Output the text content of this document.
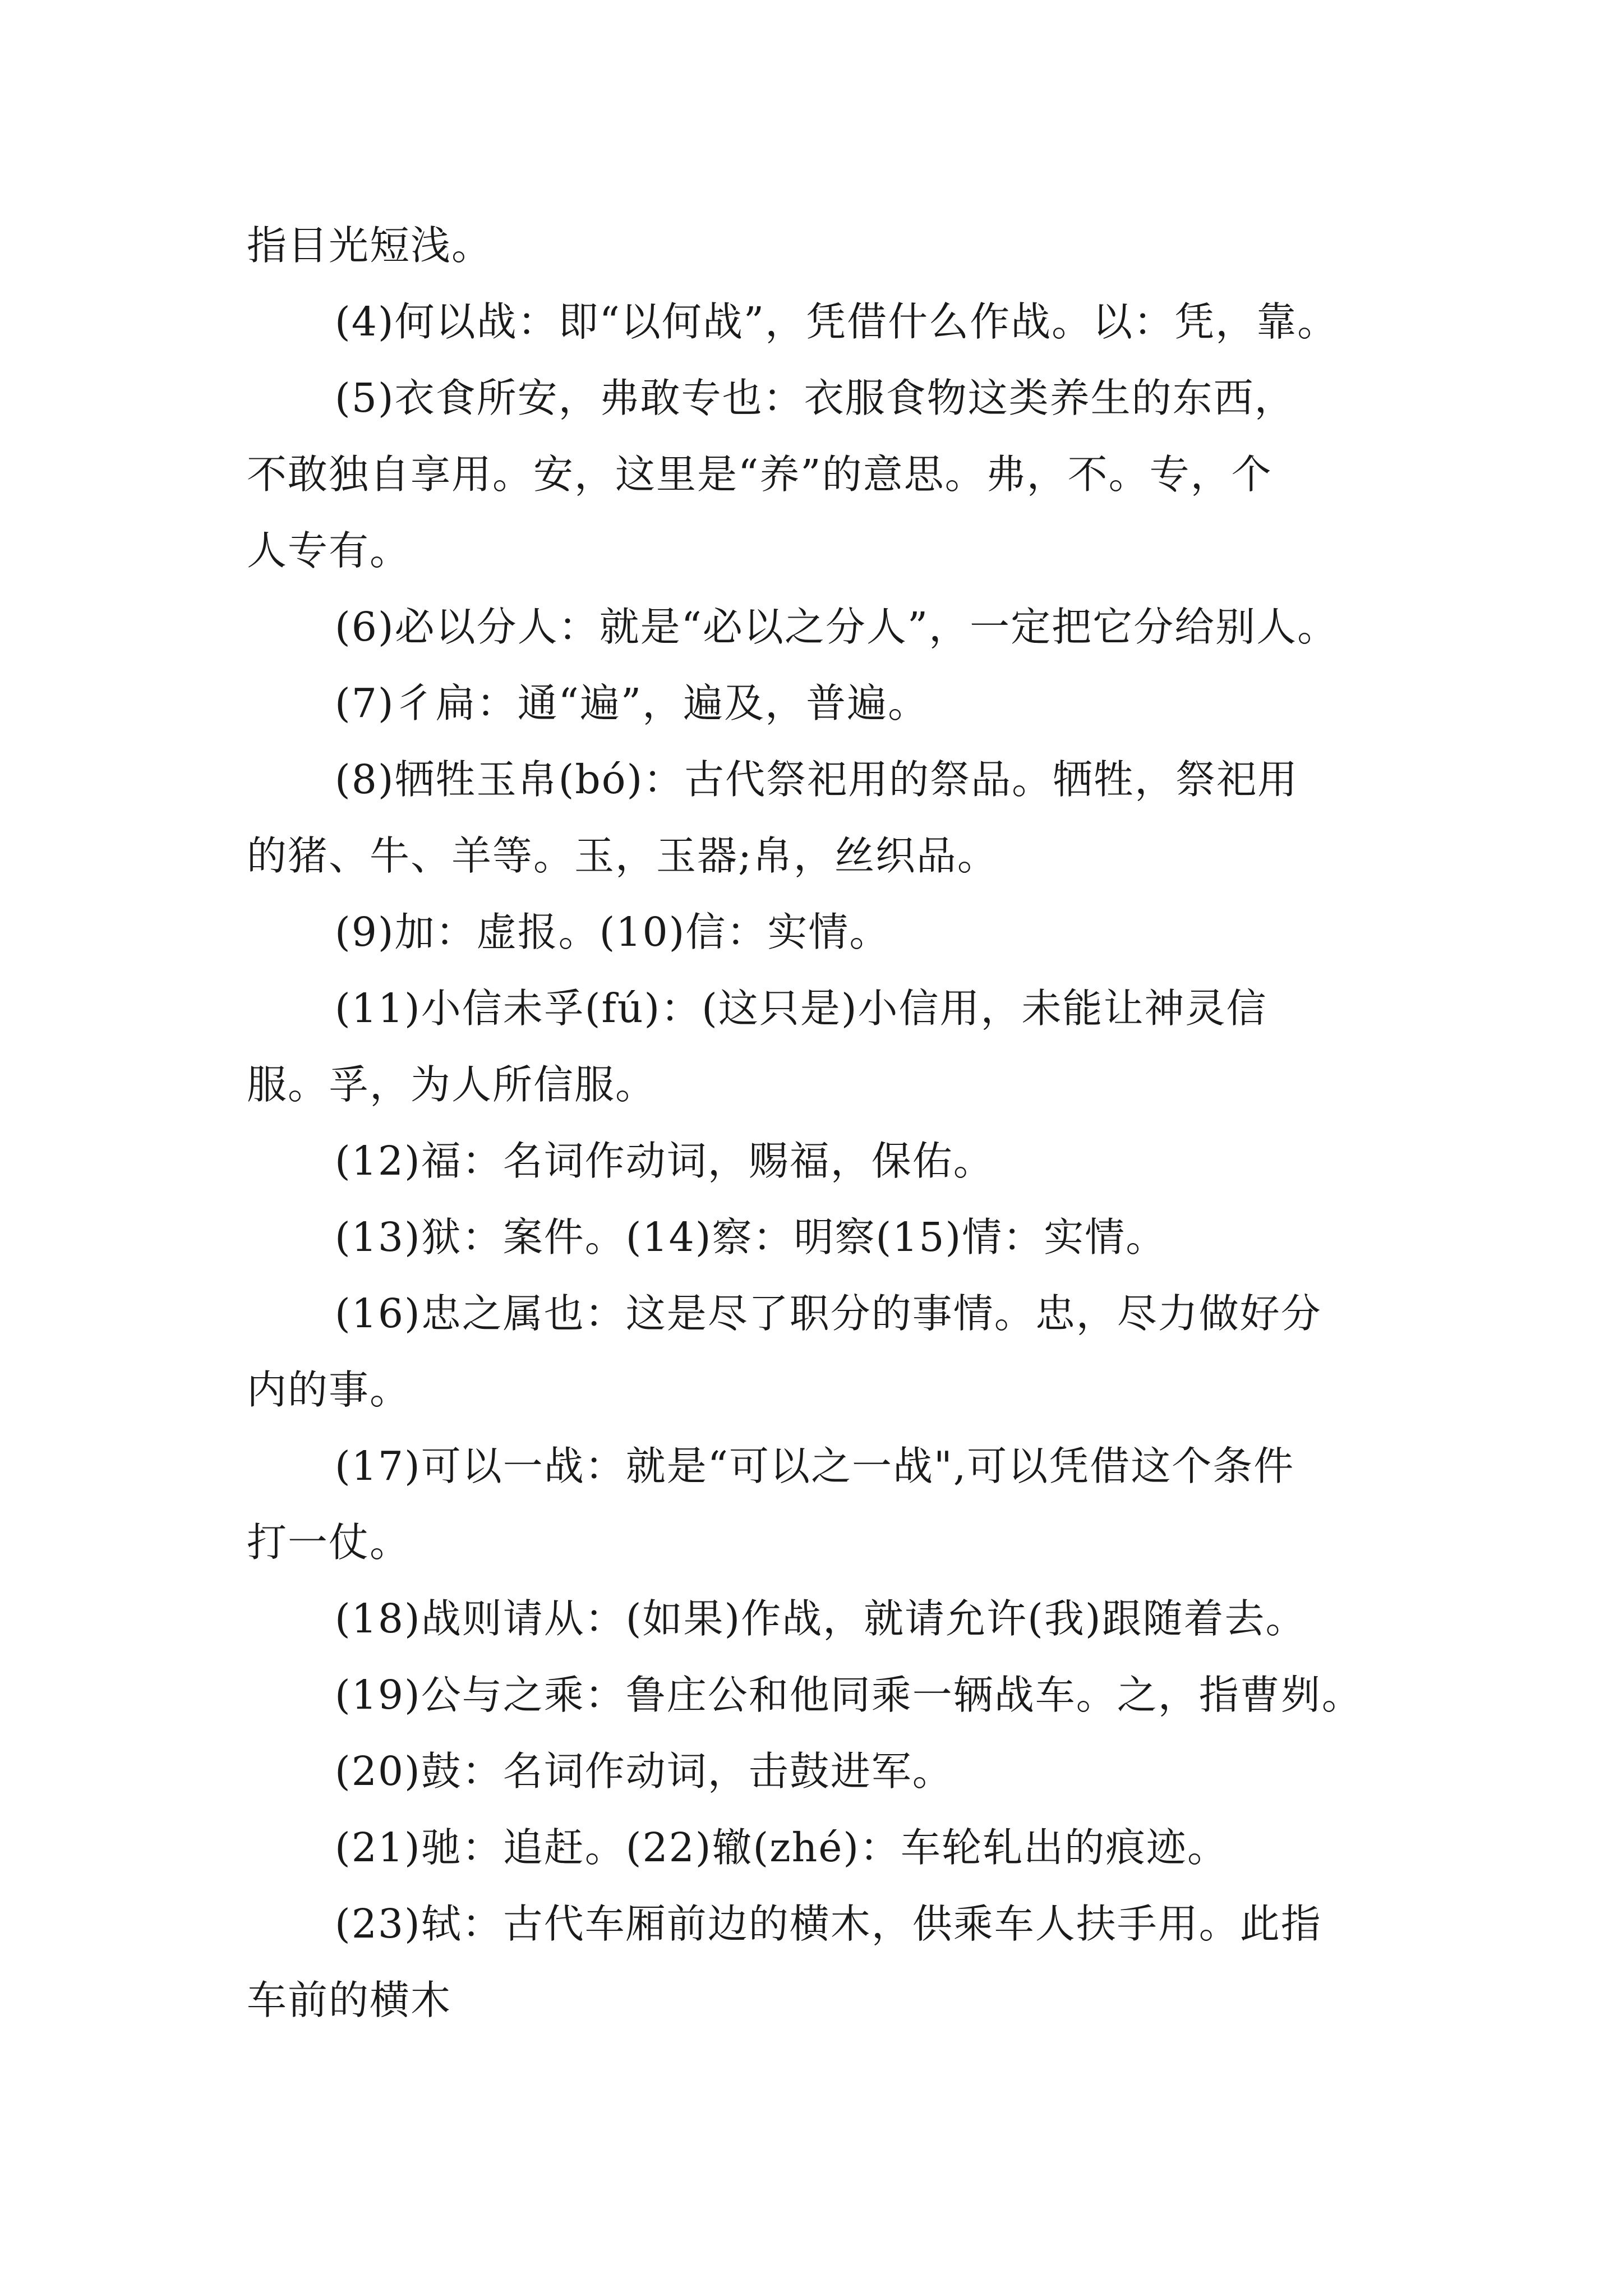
指目光短浅。
(4)何以战：即“以何战”，凭借什么作战。以：凭，靠。
(5)衣食所安，弗敢专也：衣服食物这类养生的东西，
不敢独自享用。安，这里是“养”的意思。弗，不。专，个
人专有。
(6)必以分人：就是“必以之分人”，一定把它分给别人。
(7)彳扁：通“遍”，遍及，普遍。
(8)牺牲玉帛(bó)：古代祭祀用的祭品。牺牲，祭祀用
的猪、牛、羊等。玉，玉器;帛，丝织品。
(9)加：虚报。(10)信：实情。
(11)小信未孚(fú)：(这只是)小信用，未能让神灵信
服。孚，为人所信服。
(12)福：名词作动词，赐福，保佑。
(13)狱：案件。(14)察：明察(15)情：实情。
(16)忠之属也：这是尽了职分的事情。忠，尽力做好分
内的事。
(17)可以一战：就是“可以之一战",可以凭借这个条件
打一仗。
(18)战则请从：(如果)作战，就请允许(我)跟随着去。
(19)公与之乘：鲁庄公和他同乘一辆战车。之，指曹刿。
(20)鼓：名词作动词，击鼓进军。
(21)驰：追赶。(22)辙(zhé)：车轮轧出的痕迹。
(23)轼：古代车厢前边的横木，供乘车人扶手用。此指
车前的横木
